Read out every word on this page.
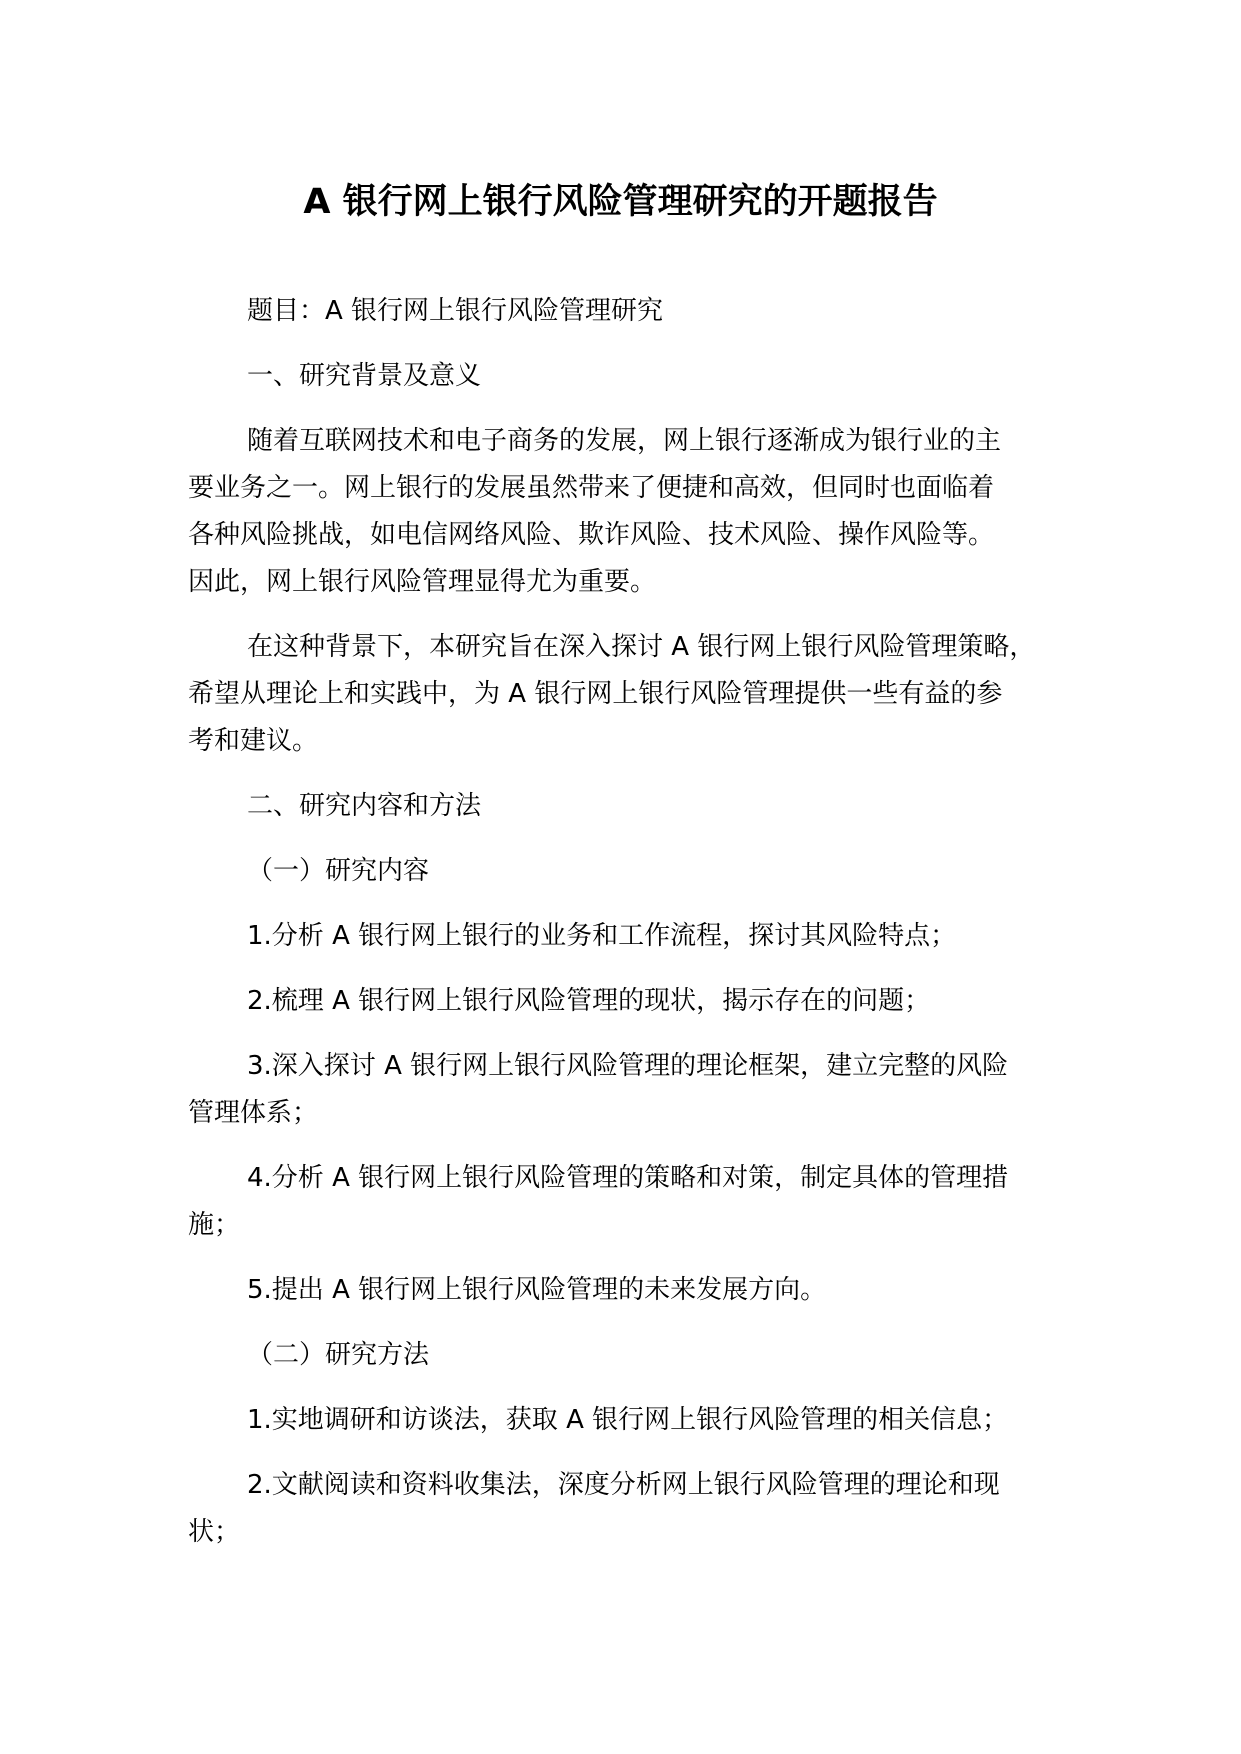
A 银行网上银行风险管理研究的开题报告
题目：A 银行网上银行风险管理研究
一、研究背景及意义
随着互联网技术和电子商务的发展，网上银行逐渐成为银行业的主
要业务之一。网上银行的发展虽然带来了便捷和高效，但同时也面临着
各种风险挑战，如电信网络风险、欺诈风险、技术风险、操作风险等。
因此，网上银行风险管理显得尤为重要。
在这种背景下，本研究旨在深入探讨 A 银行网上银行风险管理策略，
希望从理论上和实践中，为 A 银行网上银行风险管理提供一些有益的参
考和建议。
二、研究内容和方法
（一）研究内容
1.分析 A 银行网上银行的业务和工作流程，探讨其风险特点；
2.梳理 A 银行网上银行风险管理的现状，揭示存在的问题；
3.深入探讨 A 银行网上银行风险管理的理论框架，建立完整的风险
管理体系；
4.分析 A 银行网上银行风险管理的策略和对策，制定具体的管理措
施；
5.提出 A 银行网上银行风险管理的未来发展方向。
（二）研究方法
1.实地调研和访谈法，获取 A 银行网上银行风险管理的相关信息；
2.文献阅读和资料收集法，深度分析网上银行风险管理的理论和现
状；
